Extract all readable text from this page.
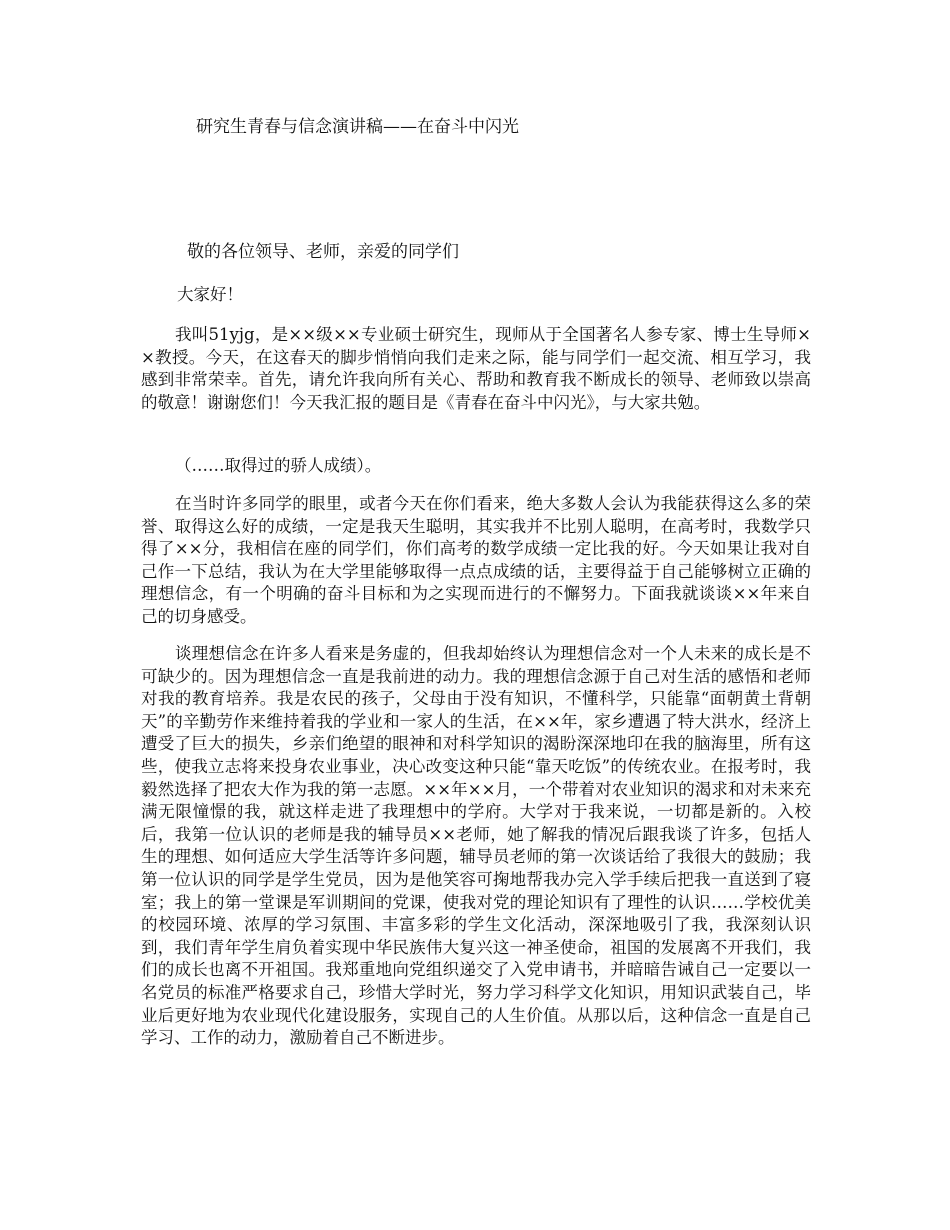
研究生青春与信念演讲稿——在奋斗中闪光

敬的各位领导、老师，亲爱的同学们

大家好！

我叫51yjg，是××级××专业硕士研究生，现师从于全国著名人参专家、博士生导师××教授。今天，在这春天的脚步悄悄向我们走来之际，能与同学们一起交流、相互学习，我感到非常荣幸。首先，请允许我向所有关心、帮助和教育我不断成长的领导、老师致以崇高的敬意！谢谢您们！今天我汇报的题目是《青春在奋斗中闪光》，与大家共勉。

（……取得过的骄人成绩）。

在当时许多同学的眼里，或者今天在你们看来，绝大多数人会认为我能获得这么多的荣誉、取得这么好的成绩，一定是我天生聪明，其实我并不比别人聪明，在高考时，我数学只得了××分，我相信在座的同学们，你们高考的数学成绩一定比我的好。今天如果让我对自己作一下总结，我认为在大学里能够取得一点点成绩的话，主要得益于自己能够树立正确的理想信念，有一个明确的奋斗目标和为之实现而进行的不懈努力。下面我就谈谈××年来自己的切身感受。

谈理想信念在许多人看来是务虚的，但我却始终认为理想信念对一个人未来的成长是不可缺少的。因为理想信念一直是我前进的动力。我的理想信念源于自己对生活的感悟和老师对我的教育培养。我是农民的孩子，父母由于没有知识，不懂科学，只能靠“面朝黄土背朝天”的辛勤劳作来维持着我的学业和一家人的生活，在××年，家乡遭遇了特大洪水，经济上遭受了巨大的损失，乡亲们绝望的眼神和对科学知识的渴盼深深地印在我的脑海里，所有这些，使我立志将来投身农业事业，决心改变这种只能“靠天吃饭”的传统农业。在报考时，我毅然选择了把农大作为我的第一志愿。××年××月，一个带着对农业知识的渴求和对未来充满无限憧憬的我，就这样走进了我理想中的学府。大学对于我来说，一切都是新的。入校后，我第一位认识的老师是我的辅导员××老师，她了解我的情况后跟我谈了许多，包括人生的理想、如何适应大学生活等许多问题，辅导员老师的第一次谈话给了我很大的鼓励；我第一位认识的同学是学生党员，因为是他笑容可掬地帮我办完入学手续后把我一直送到了寝室；我上的第一堂课是军训期间的党课，使我对党的理论知识有了理性的认识……学校优美的校园环境、浓厚的学习氛围、丰富多彩的学生文化活动，深深地吸引了我，我深刻认识到，我们青年学生肩负着实现中华民族伟大复兴这一神圣使命，祖国的发展离不开我们，我们的成长也离不开祖国。我郑重地向党组织递交了入党申请书，并暗暗告诫自己一定要以一名党员的标准严格要求自己，珍惜大学时光，努力学习科学文化知识，用知识武装自己，毕业后更好地为农业现代化建设服务，实现自己的人生价值。从那以后，这种信念一直是自己学习、工作的动力，激励着自己不断进步。
